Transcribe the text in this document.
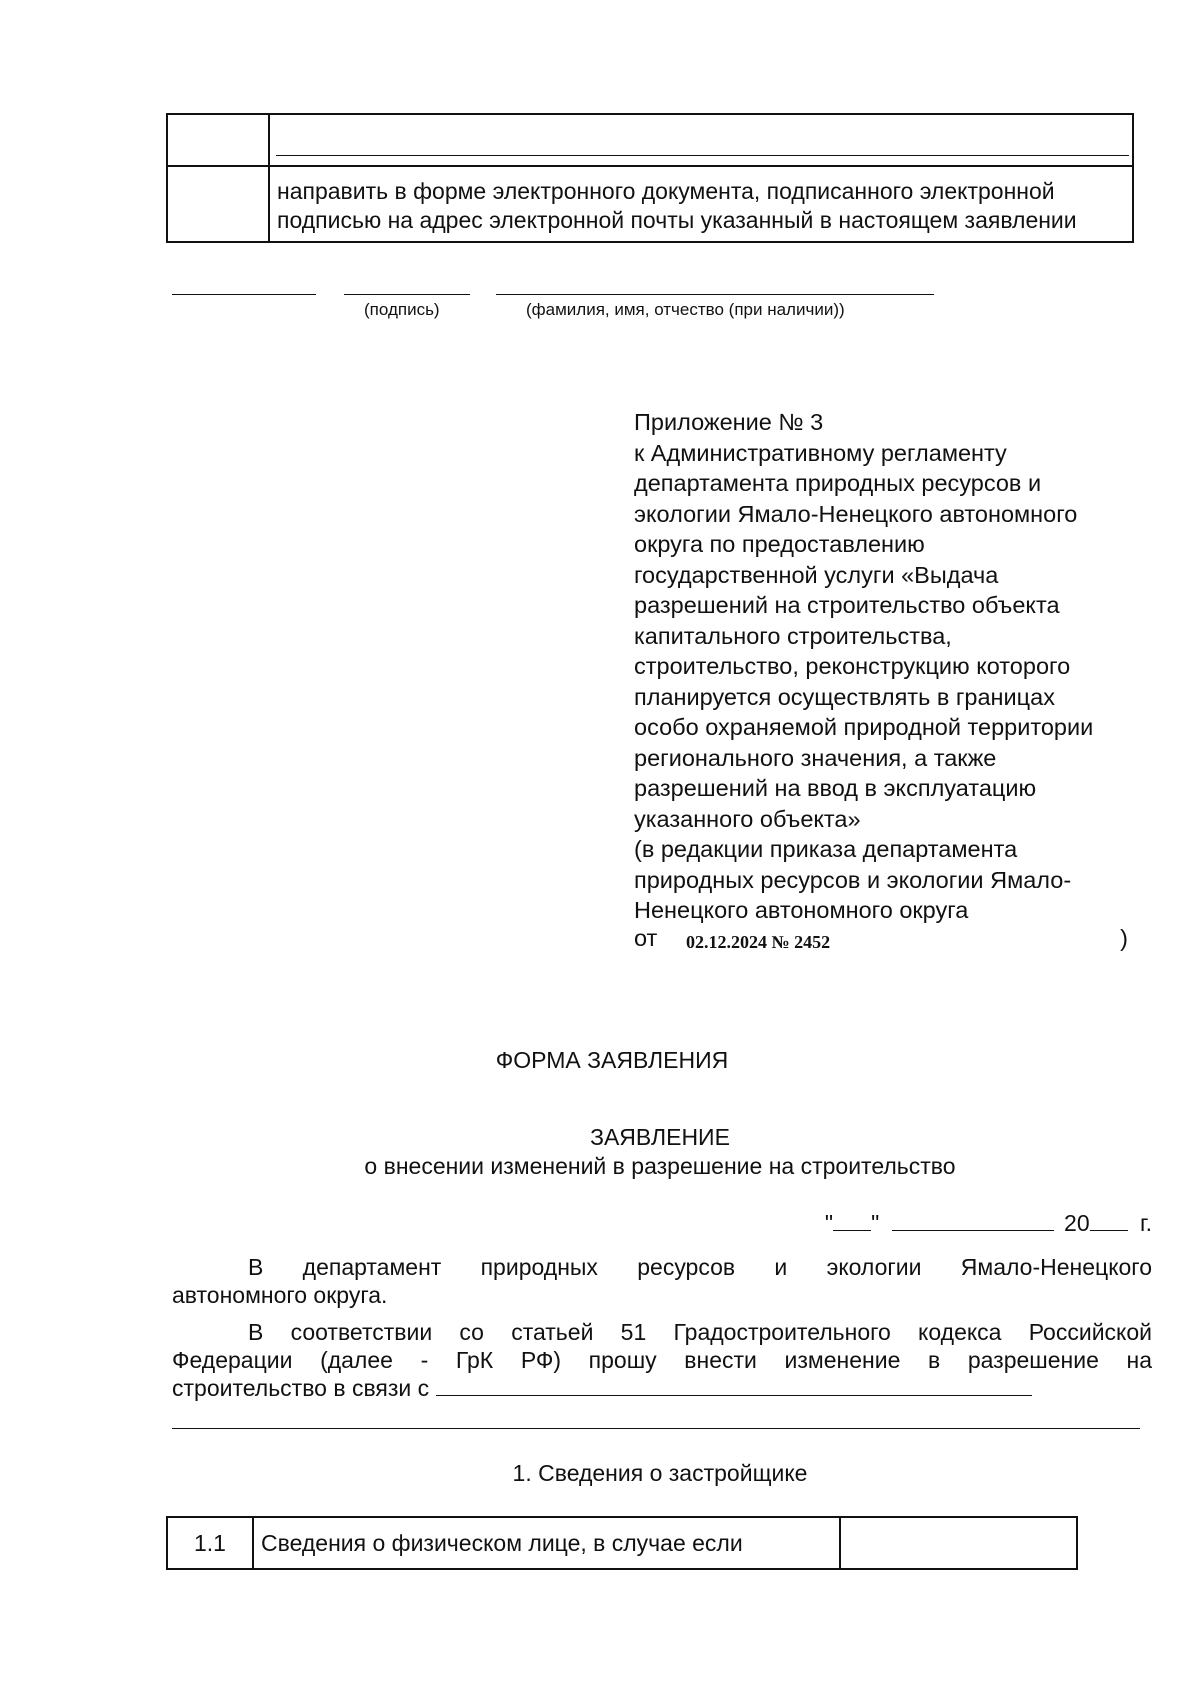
	направить в форме электронного документа, подписанного электронной
подписью на адрес электронной почты указанный в настоящем заявлении
(подпись)	(фамилия, имя, отчество (при наличии))
Приложение № 3
к Административному регламенту
департамента природных ресурсов и
экологии Ямало-Ненецкого автономного
округа по предоставлению
государственной услуги «Выдача
разрешений на строительство объекта
капитального строительства,
строительство, реконструкцию которого
планируется осуществлять в границах
особо охраняемой природной территории
регионального значения, а также
разрешений на ввод в эксплуатацию
указанного объекта»
(в редакции приказа департамента
природных ресурсов и экологии Ямало-
Ненецкого автономного округа
от 02.12.2024 № 2452	)
ФОРМА ЗАЯВЛЕНИЯ
ЗАЯВЛЕНИЕ
о внесении изменений в разрешение на строительство
" "	20 г.
В департамент природных ресурсов и экологии Ямало-Ненецкого
автономного округа.
В соответствии со статьей 51 Градостроительного кодекса Российской
Федерации (далее - ГрК РФ) прошу внести изменение в разрешение на
строительство в связи с
1. Сведения о застройщике
1.1	Сведения о физическом лице, в случае если	
